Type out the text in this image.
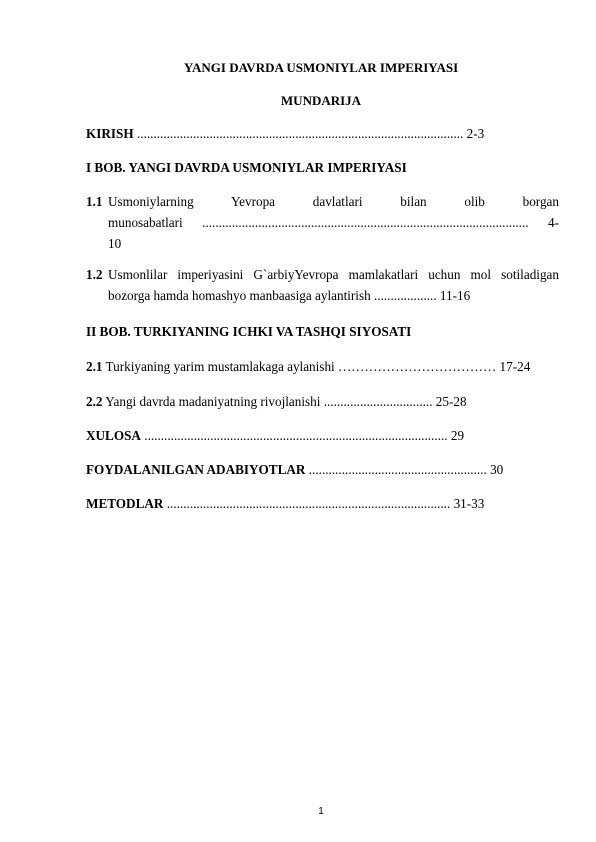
YANGI DAVRDA USMONIYLAR IMPERIYASI
MUNDARIJA
KIRISH ................................................................................................... 2-3
I BOB. YANGI DAVRDA USMONIYLAR IMPERIYASI
1.1 Usmoniylarning Yevropa davlatlari bilan olib borgan
munosabatlari ................................................................................................... 4-
10
1.2 Usmonlilar imperiyasini G`arbiyYevropa mamlakatlari uchun mol sotiladigan
bozorga hamda homashyo manbaasiga aylantirish ................... 11-16
II BOB. TURKIYANING ICHKI VA TASHQI SIYOSATI
2.1 Turkiyaning yarim mustamlakaga aylanishi ……………………………… 17-24
2.2 Yangi davrda madaniyatning rivojlanishi ................................. 25-28
XULOSA ............................................................................................ 29
FOYDALANILGAN ADABIYOTLAR ...................................................... 30
METODLAR ...................................................................................... 31-33
1
